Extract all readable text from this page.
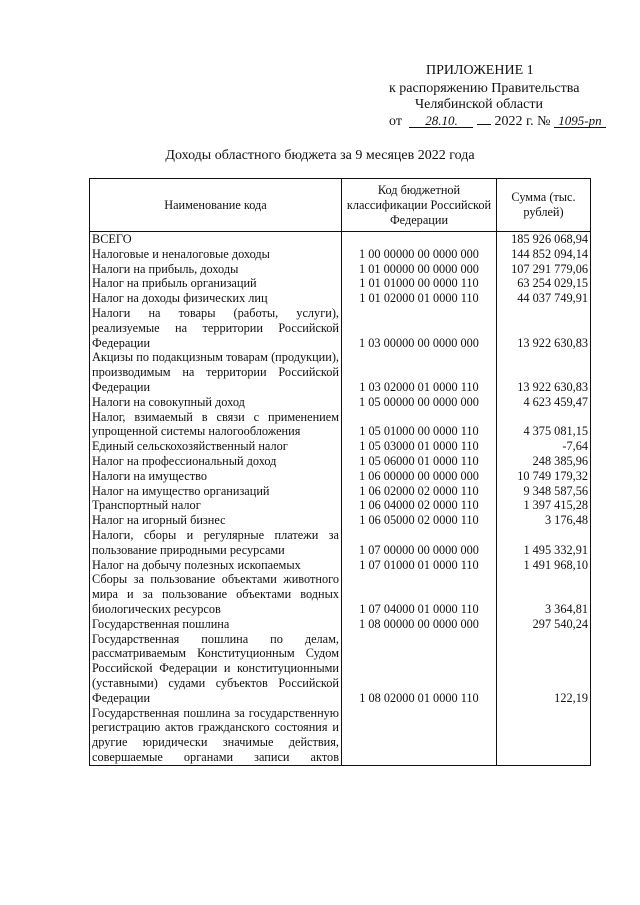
ПРИЛОЖЕНИЕ 1
к распоряжению Правительства
Челябинской области
от 28.10.	2022 г. № 1095-рп
Доходы областного бюджета за 9 месяцев 2022 года
Наименование кода	Код бюджетной классификации Российской Федерации	Сумма (тыс. рублей)
ВСЕГО		185 926 068,94
Налоговые и неналоговые доходы	1 00 00000 00 0000 000	144 852 094,14
Налоги на прибыль, доходы	1 01 00000 00 0000 000	107 291 779,06
Налог на прибыль организаций	1 01 01000 00 0000 110	63 254 029,15
Налог на доходы физических лиц	1 01 02000 01 0000 110	44 037 749,91
Налоги на товары (работы, услуги), реализуемые на территории Российской Федерации	1 03 00000 00 0000 000	13 922 630,83
Акцизы по подакцизным товарам (продукции), производимым на территории Российской Федерации	1 03 02000 01 0000 110	13 922 630,83
Налоги на совокупный доход	1 05 00000 00 0000 000	4 623 459,47
Налог, взимаемый в связи с применением упрощенной системы налогообложения	1 05 01000 00 0000 110	4 375 081,15
Единый сельскохозяйственный налог	1 05 03000 01 0000 110	-7,64
Налог на профессиональный доход	1 05 06000 01 0000 110	248 385,96
Налоги на имущество	1 06 00000 00 0000 000	10 749 179,32
Налог на имущество организаций	1 06 02000 02 0000 110	9 348 587,56
Транспортный налог	1 06 04000 02 0000 110	1 397 415,28
Налог на игорный бизнес	1 06 05000 02 0000 110	3 176,48
Налоги, сборы и регулярные платежи за пользование природными ресурсами	1 07 00000 00 0000 000	1 495 332,91
Налог на добычу полезных ископаемых	1 07 01000 01 0000 110	1 491 968,10
Сборы за пользование объектами животного мира и за пользование объектами водных биологических ресурсов	1 07 04000 01 0000 110	3 364,81
Государственная пошлина	1 08 00000 00 0000 000	297 540,24
Государственная пошлина по делам, рассматриваемым Конституционным Судом Российской Федерации и конституционными (уставными) судами субъектов Российской Федерации	1 08 02000 01 0000 110	122,19
Государственная пошлина за государственную регистрацию актов гражданского состояния и другие юридически значимые действия, совершаемые органами записи актов		
